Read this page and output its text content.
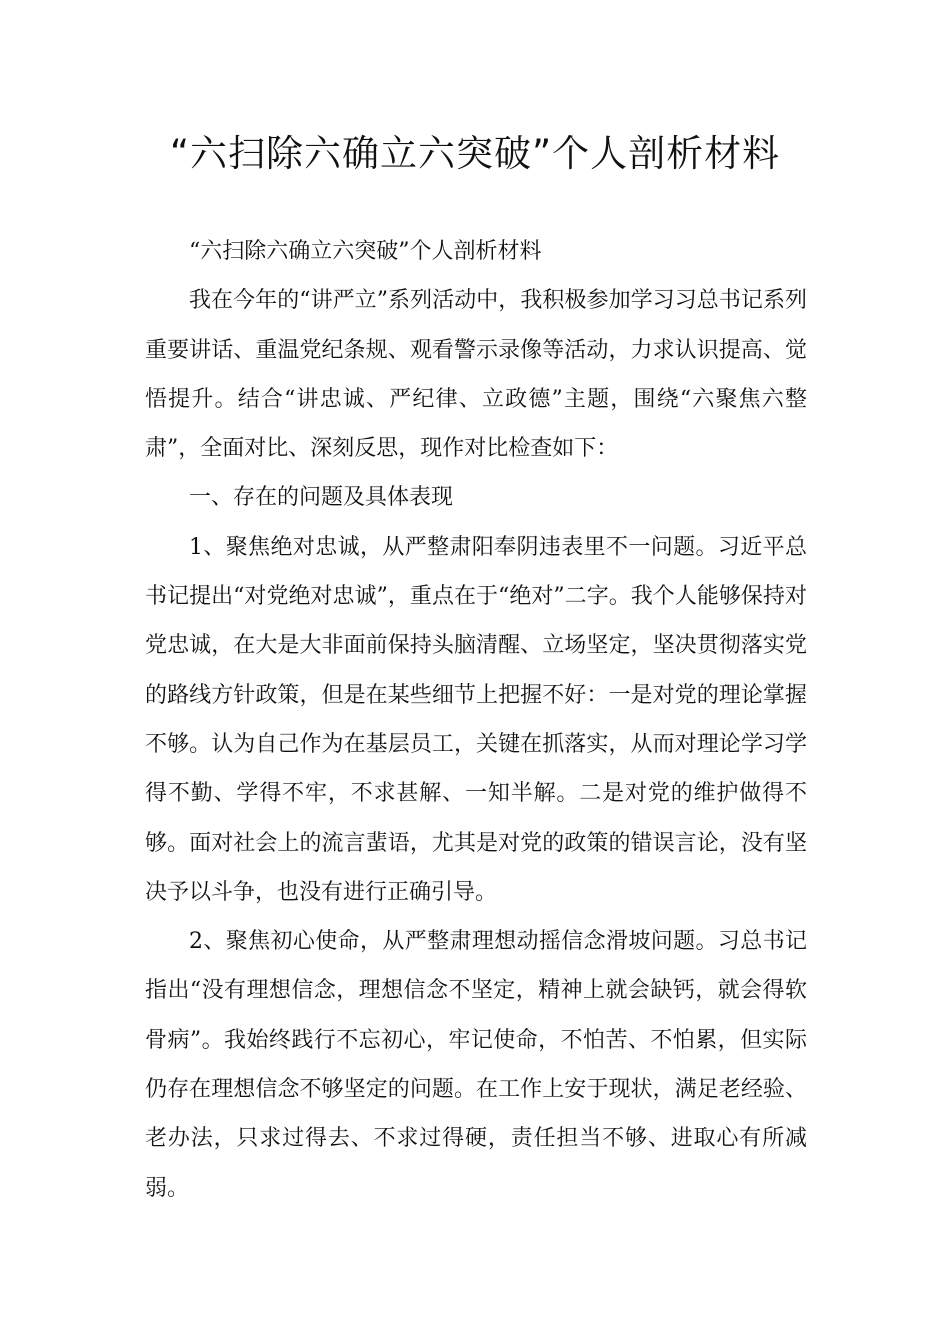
“六扫除六确立六突破”个人剖析材料

“六扫除六确立六突破”个人剖析材料

我在今年的“讲严立”系列活动中，我积极参加学习习总书记系列重要讲话、重温党纪条规、观看警示录像等活动，力求认识提高、觉悟提升。结合“讲忠诚、严纪律、立政德”主题，围绕“六聚焦六整肃”，全面对比、深刻反思，现作对比检查如下：

一、存在的问题及具体表现

1、聚焦绝对忠诚，从严整肃阳奉阴违表里不一问题。习近平总书记提出“对党绝对忠诚”，重点在于“绝对”二字。我个人能够保持对党忠诚，在大是大非面前保持头脑清醒、立场坚定，坚决贯彻落实党的路线方针政策，但是在某些细节上把握不好：一是对党的理论掌握不够。认为自己作为在基层员工，关键在抓落实，从而对理论学习学得不勤、学得不牢，不求甚解、一知半解。二是对党的维护做得不够。面对社会上的流言蜚语，尤其是对党的政策的错误言论，没有坚决予以斗争，也没有进行正确引导。

2、聚焦初心使命，从严整肃理想动摇信念滑坡问题。习总书记指出“没有理想信念，理想信念不坚定，精神上就会缺钙，就会得软骨病”。我始终践行不忘初心，牢记使命，不怕苦、不怕累，但实际仍存在理想信念不够坚定的问题。在工作上安于现状，满足老经验、老办法，只求过得去、不求过得硬，责任担当不够、进取心有所减弱。
